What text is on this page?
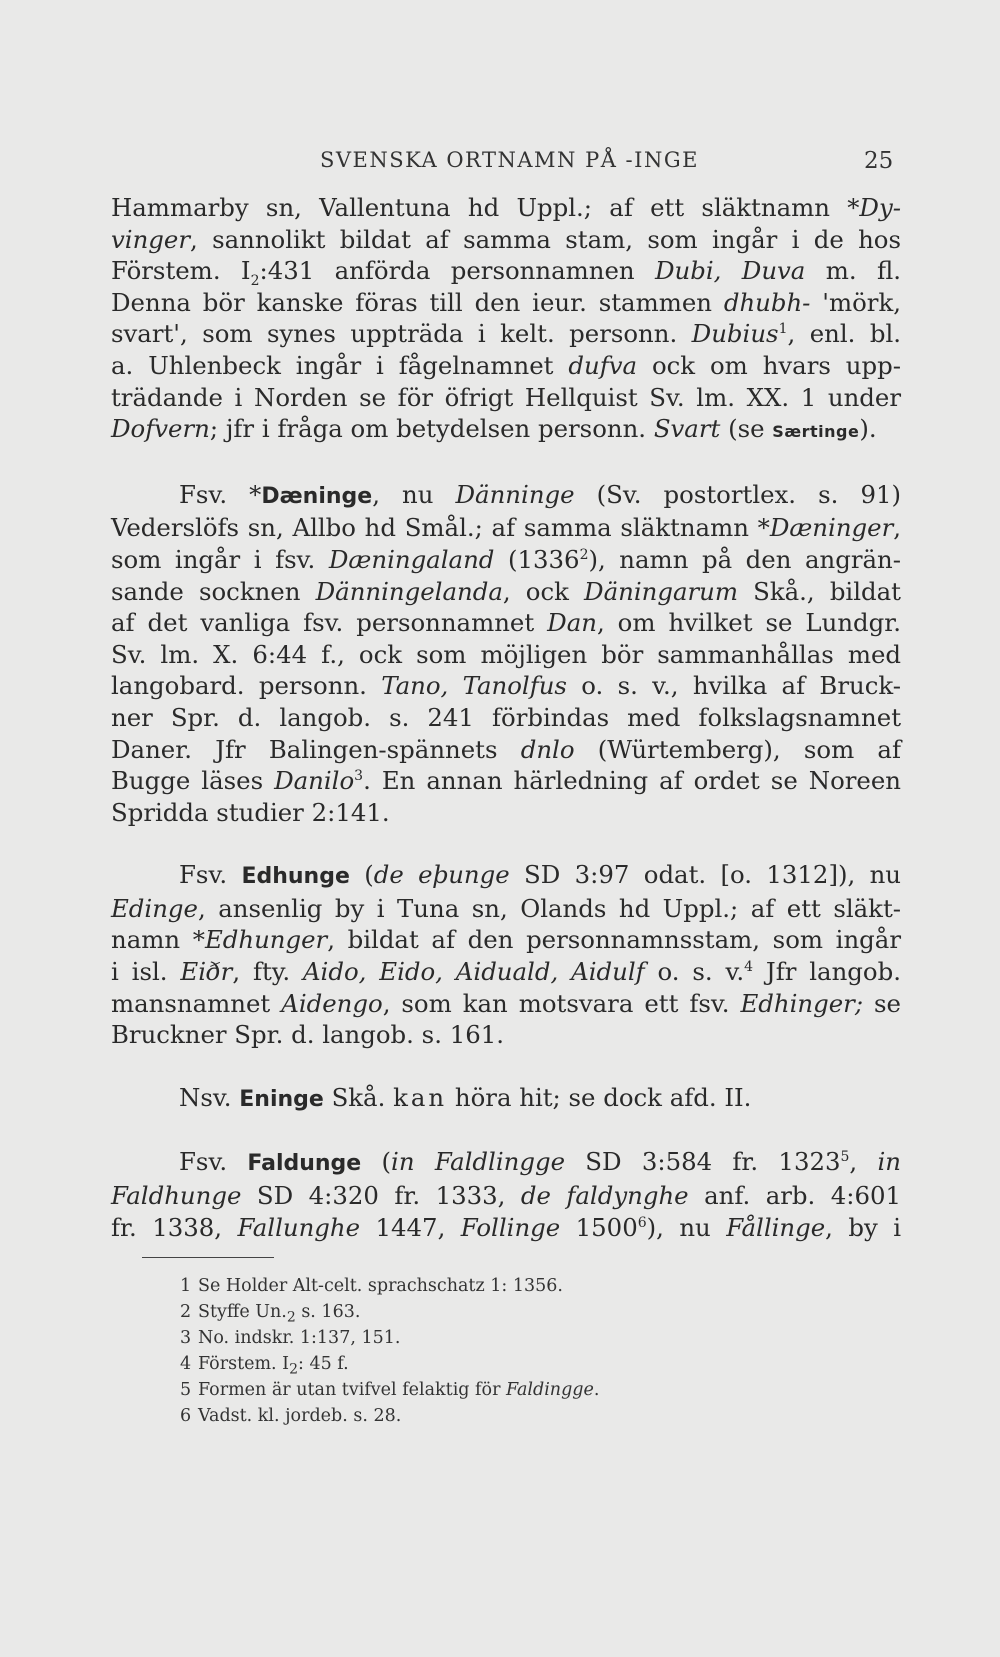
SVENSKA ORTNAMN PÅ -INGE	25
Hammarby sn, Vallentuna hd Uppl.; af ett släktnamn *Dy-
vinger, sannolikt bildat af samma stam, som ingår i de hos
Förstem. $I_2:431$ anförda personnamnen Dubi, Duva m. fl.
Denna bör kanske föras till den ieur. stammen dhubh- 'mörk,
svart', som synes uppträda i kelt. personn. Dubius$^1$, enl. bl.
a. Uhlenbeck ingår i fågelnamnet dufva ock om hvars upp-
trädande i Norden se för öfrigt Hellquist Sv. lm. XX. 1 under
Dofvern; jfr i fråga om betydelsen personn. Svart (se Særtinge).
Fsv. *Dæninge, nu Dänninge (Sv. postortlex. s. 91)
Vederslöfs sn, Allbo hd Smål.; af samma släktnamn *Dæninger,
som ingår i fsv. Dæningaland (1336$^2$), namn på den angrän-
sande socknen Dänningelanda, ock Däningarum Skå., bildat
af det vanliga fsv. personnamnet Dan, om hvilket se Lundgr.
Sv. lm. X. 6:44 f., ock som möjligen bör sammanhållas med
langobard. personn. Tano, Tanolfus o. s. v., hvilka af Bruck-
ner Spr. d. langob. s. 241 förbindas med folkslagsnamnet
Daner. Jfr Balingen-spännets dnlo (Würtemberg), som af
Bugge läses Danilo$^3$. En annan härledning af ordet se Noreen
Spridda studier 2:141.
Fsv. Edhunge (de eþunge SD 3:97 odat. [o. 1312]), nu
Edinge, ansenlig by i Tuna sn, Olands hd Uppl.; af ett släkt-
namn *Edhunger, bildat af den personnamnsstam, som ingår
i isl. Eiðr, fty. Aido, Eido, Aiduald, Aidulf o. s. v.$^4$ Jfr langob.
mansnamnet Aidengo, som kan motsvara ett fsv. Edhinger; se
Bruckner Spr. d. langob. s. 161.
Nsv. Eninge Skå. kan höra hit; se dock afd. II.
Fsv. Faldunge (in Faldlingge SD 3:584 fr. 1323$^5$, in
Faldhunge SD 4:320 fr. 1333, de faldynghe anf. arb. 4:601
fr. 1338, Fallunghe 1447, Follinge 1500$^6$), nu Fållinge, by i
1 Se Holder Alt-celt. sprachschatz 1: 1356.
2 Styffe $Un._2$ s. 163.
3 No. indskr. 1:137, 151.
4 Förstem. $I_2$: 45 f.
5 Formen är utan tvifvel felaktig för Faldingge.
6 Vadst. kl. jordeb. s. 28.
